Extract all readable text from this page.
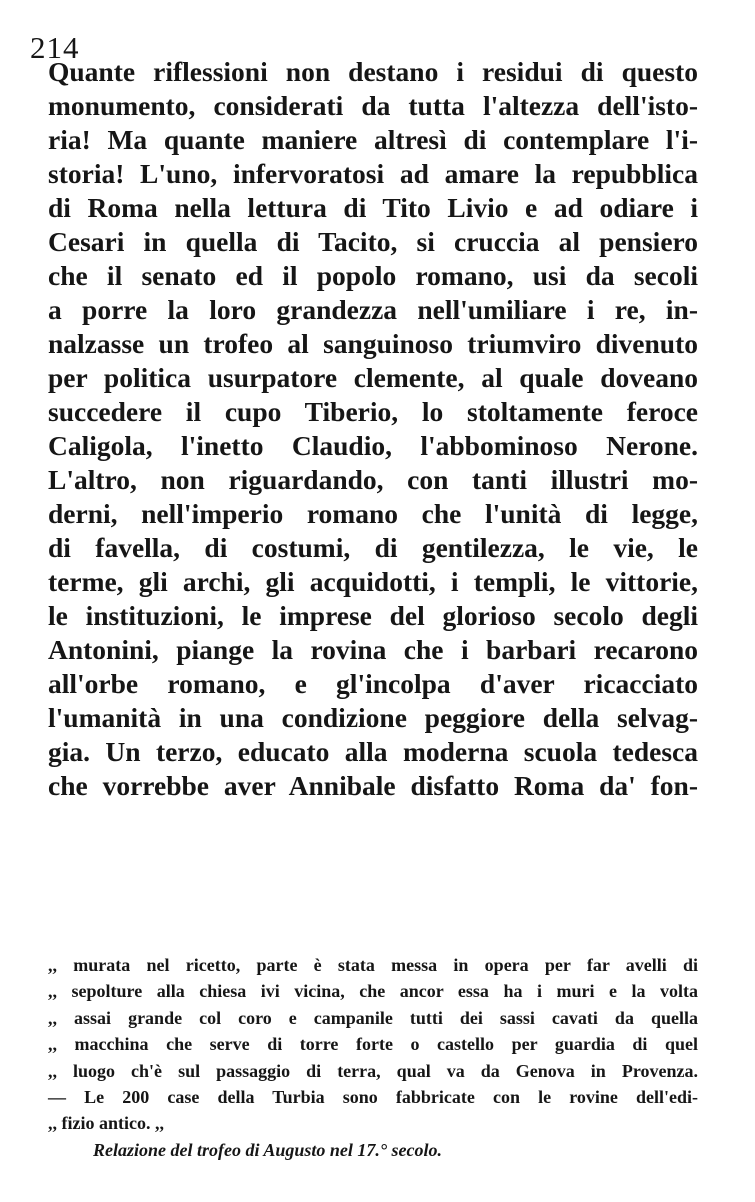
214
Quante riflessioni non destano i residui di questo
monumento, considerati da tutta l'altezza dell'isto-
ria! Ma quante maniere altresì di contemplare l'i-
storia! L'uno, infervoratosi ad amare la repubblica
di Roma nella lettura di Tito Livio e ad odiare i
Cesari in quella di Tacito, si cruccia al pensiero
che il senato ed il popolo romano, usi da secoli
a porre la loro grandezza nell'umiliare i re, in-
nalzasse un trofeo al sanguinoso triumviro divenuto
per politica usurpatore clemente, al quale doveano
succedere il cupo Tiberio, lo stoltamente feroce
Caligola, l'inetto Claudio, l'abbominoso Nerone.
L'altro, non riguardando, con tanti illustri mo-
derni, nell'imperio romano che l'unità di legge,
di favella, di costumi, di gentilezza, le vie, le
terme, gli archi, gli acquidotti, i templi, le vittorie,
le instituzioni, le imprese del glorioso secolo degli
Antonini, piange la rovina che i barbari recarono
all'orbe romano, e gl'incolpa d'aver ricacciato
l'umanità in una condizione peggiore della selvag-
gia. Un terzo, educato alla moderna scuola tedesca
che vorrebbe aver Annibale disfatto Roma da' fon-
,, murata nel ricetto, parte è stata messa in opera per far avelli di
,, sepolture alla chiesa ivi vicina, che ancor essa ha i muri e la volta
,, assai grande col coro e campanile tutti dei sassi cavati da quella
,, macchina che serve di torre forte o castello per guardia di quel
,, luogo ch'è sul passaggio di terra, qual va da Genova in Provenza.
— Le 200 case della Turbia sono fabbricate con le rovine dell'edi-
,, fizio antico. ,,
Relazione del trofeo di Augusto nel 17.° secolo.
